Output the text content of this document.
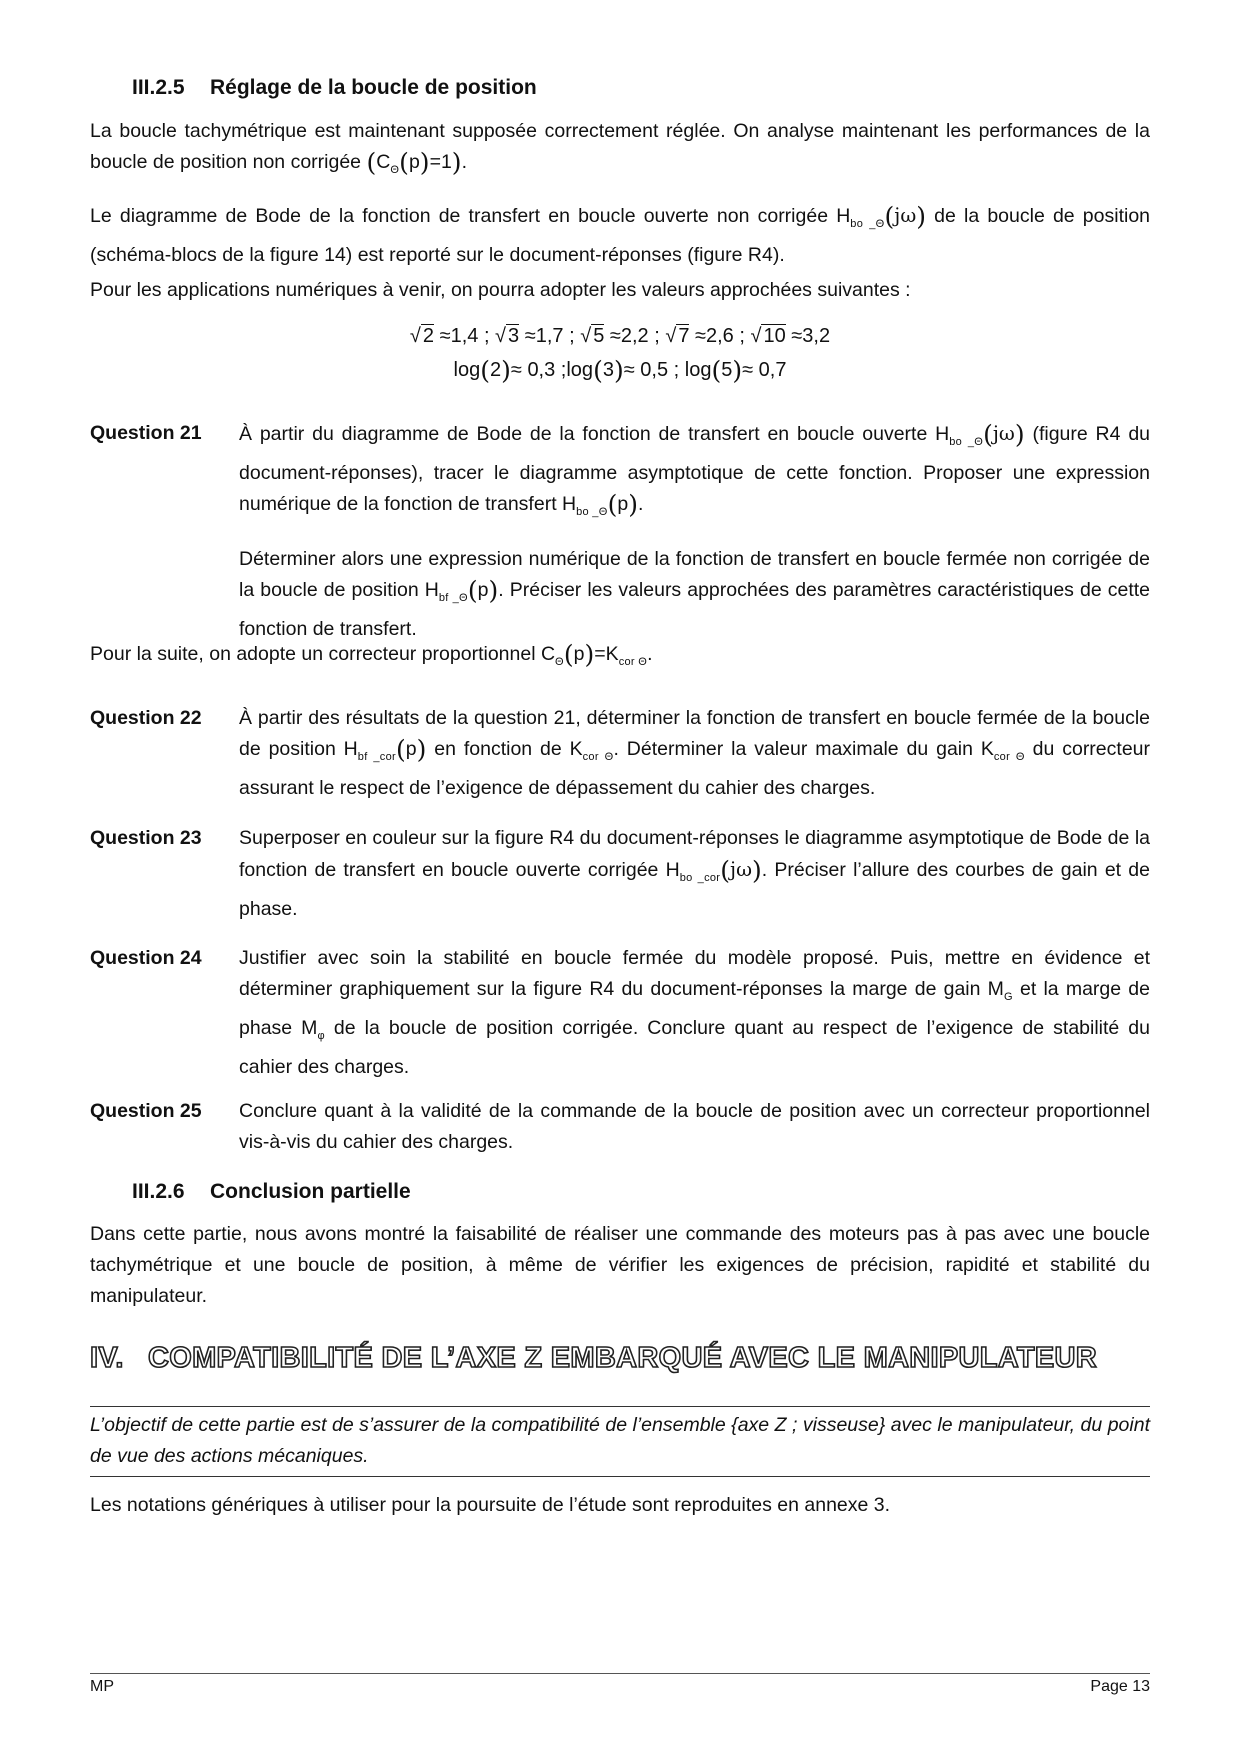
III.2.5 Réglage de la boucle de position

La boucle tachymétrique est maintenant supposée correctement réglée. On analyse maintenant les performances de la boucle de position non corrigée $(C_\Theta(p)=1)$.

Le diagramme de Bode de la fonction de transfert en boucle ouverte non corrigée $H_{bo \_\Theta}(j\omega)$ de la boucle de position (schéma-blocs de la figure 14) est reporté sur le document-réponses (figure R4).

Pour les applications numériques à venir, on pourra adopter les valeurs approchées suivantes :

√ 2 ≈1,4 ; √ 3 ≈1,7 ; √ 5 ≈2,2 ; √ 7 ≈2,6 ; √ 10 ≈3,2
log(2)≈ 0,3 ;log(3)≈ 0,5 ; log(5)≈ 0,7
Question 21 À partir du diagramme de Bode de la fonction de transfert en boucle ouverte $H_{bo \_\Theta}(j\omega)$ (figure R4 du document-réponses), tracer le diagramme asymptotique de cette fonction. Proposer une expression numérique de la fonction de transfert $H_{bo \_\Theta}(p)$.

Déterminer alors une expression numérique de la fonction de transfert en boucle fermée non corrigée de la boucle de position $H_{bf \_\Theta}(p)$. Préciser les valeurs approchées des paramètres caractéristiques de cette fonction de transfert.

Pour la suite, on adopte un correcteur proportionnel $C_\Theta(p)=K_{cor \Theta}$.

Question 22 À partir des résultats de la question 21, déterminer la fonction de transfert en boucle fermée de la boucle de position $H_{bf \_cor}(p)$ en fonction de $K_{cor \Theta}$. Déterminer la valeur maximale du gain $K_{cor \Theta}$ du correcteur assurant le respect de l’exigence de dépassement du cahier des charges.

Question 23 Superposer en couleur sur la figure R4 du document-réponses le diagramme asymptotique de Bode de la fonction de transfert en boucle ouverte corrigée $H_{bo \_cor}(j\omega)$. Préciser l’allure des courbes de gain et de phase.

Question 24 Justifier avec soin la stabilité en boucle fermée du modèle proposé. Puis, mettre en évidence et déterminer graphiquement sur la figure R4 du document-réponses la marge de gain $M_G$ et la marge de phase $M_\varphi$ de la boucle de position corrigée. Conclure quant au respect de l’exigence de stabilité du cahier des charges.

Question 25 Conclure quant à la validité de la commande de la boucle de position avec un correcteur proportionnel vis-à-vis du cahier des charges.

III.2.6 Conclusion partielle

Dans cette partie, nous avons montré la faisabilité de réaliser une commande des moteurs pas à pas avec une boucle tachymétrique et une boucle de position, à même de vérifier les exigences de précision, rapidité et stabilité du manipulateur.

IV. COMPATIBILITÉ DE L’AXE Z EMBARQUÉ AVEC LE MANIPULATEUR

L’objectif de cette partie est de s’assurer de la compatibilité de l’ensemble {axe Z ; visseuse} avec le manipulateur, du point de vue des actions mécaniques.

Les notations génériques à utiliser pour la poursuite de l’étude sont reproduites en annexe 3.

MP	Page 13
